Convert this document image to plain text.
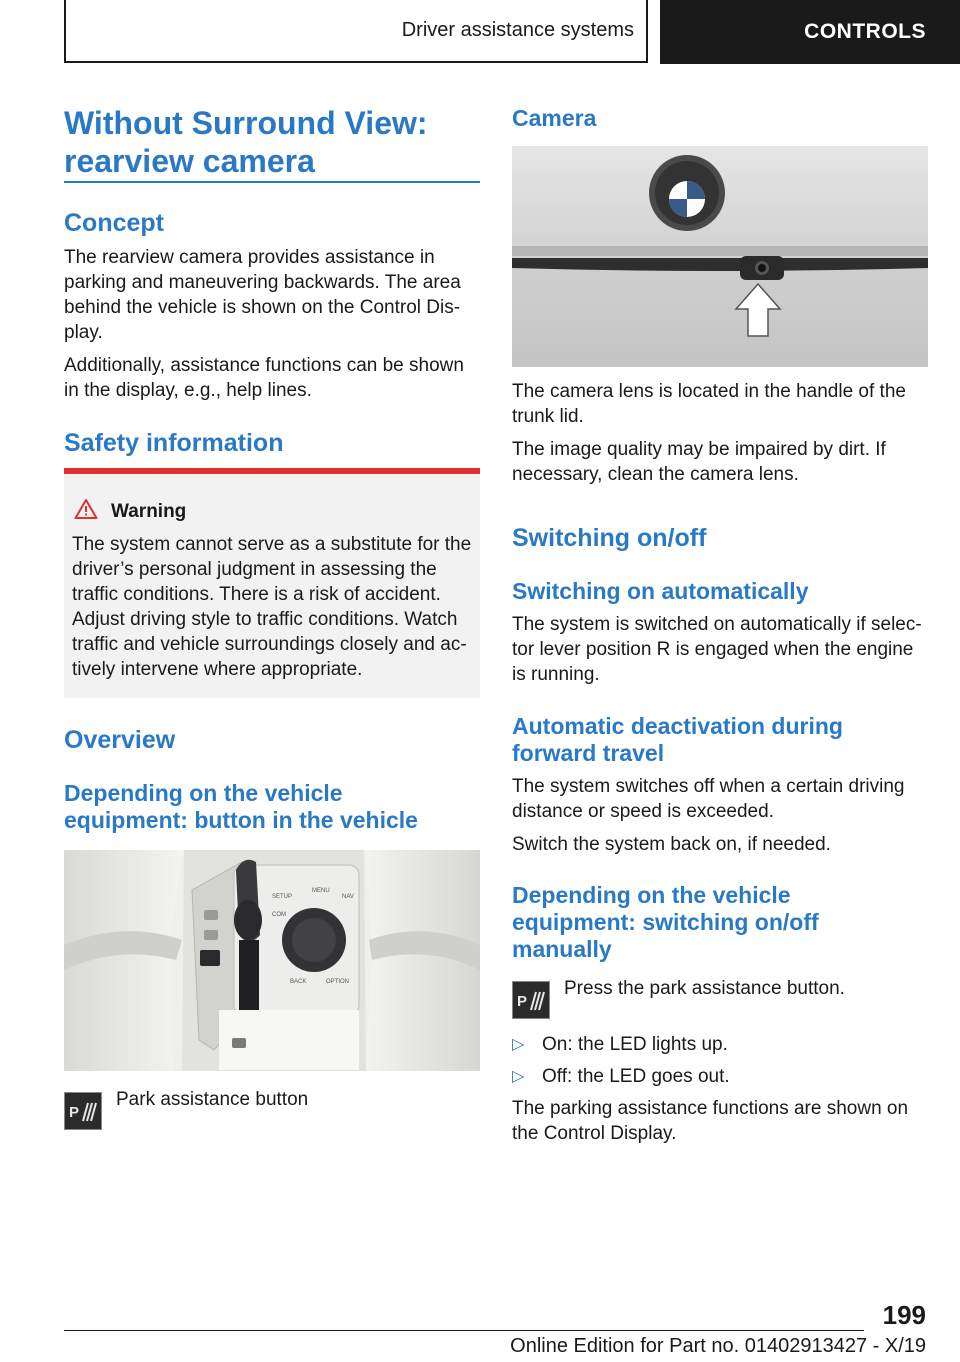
Driver assistance systems	CONTROLS
Without Surround View:
rearview camera
Concept
The rearview camera provides assistance in
parking and maneuvering backwards. The area
behind the vehicle is shown on the Control Dis-
play.
Additionally, assistance functions can be shown
in the display, e.g., help lines.
Safety information
Warning
The system cannot serve as a substitute for the
driver’s personal judgment in assessing the
traffic conditions. There is a risk of accident.
Adjust driving style to traffic conditions. Watch
traffic and vehicle surroundings closely and ac-
tively intervene where appropriate.
Overview
Depending on the vehicle
equipment: button in the vehicle
SETUP
MENU
NAV
COM
BACK	OPTION
P
Park assistance button
Camera
The camera lens is located in the handle of the
trunk lid.
The image quality may be impaired by dirt. If
necessary, clean the camera lens.
Switching on/off
Switching on automatically
The system is switched on automatically if selec-
tor lever position R is engaged when the engine
is running.
Automatic deactivation during
forward travel
The system switches off when a certain driving
distance or speed is exceeded.
Switch the system back on, if needed.
Depending on the vehicle
equipment: switching on/off
manually
P
Press the park assistance button.
▷ On: the LED lights up.
▷ Off: the LED goes out.
The parking assistance functions are shown on
the Control Display.
199
Online Edition for Part no. 01402913427 - X/19
